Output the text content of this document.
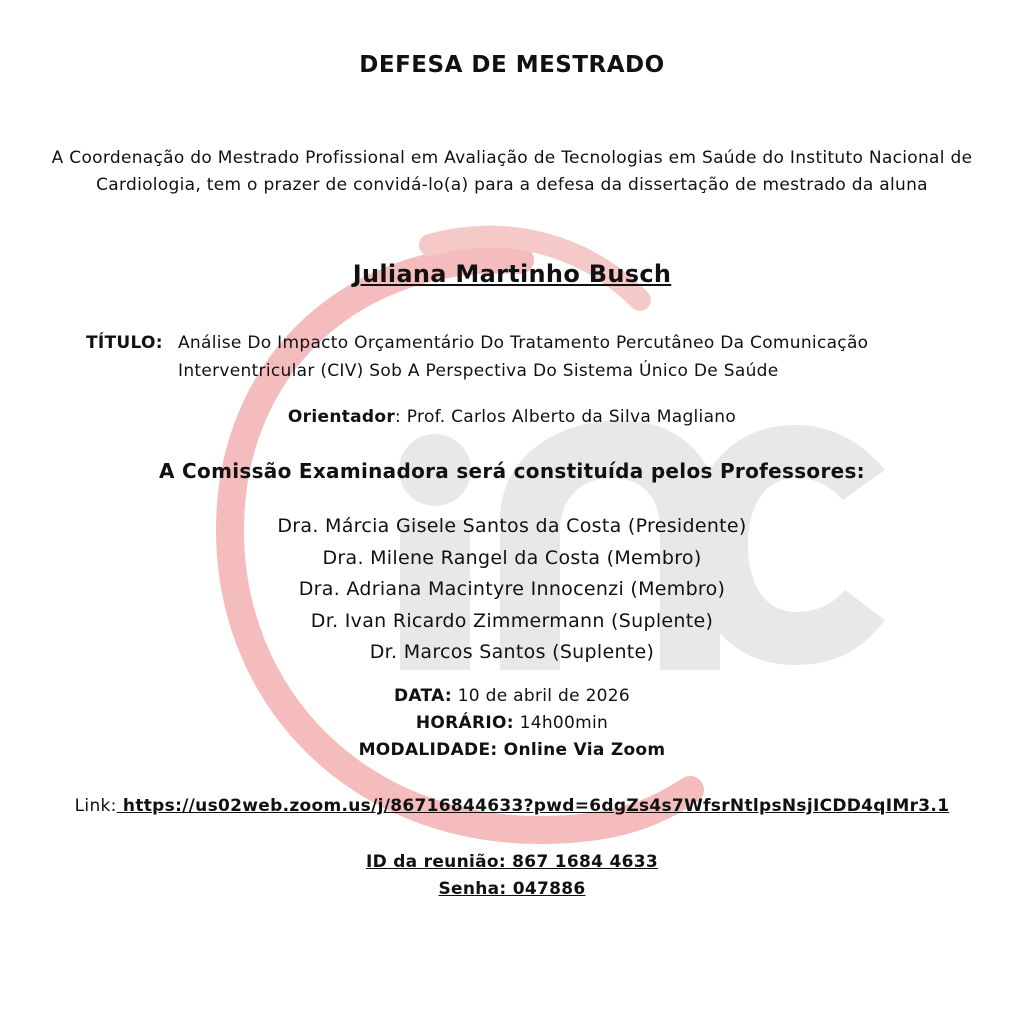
DEFESA DE MESTRADO
A Coordenação do Mestrado Profissional em Avaliação de Tecnologias em Saúde do Instituto Nacional de Cardiologia, tem o prazer de convidá-lo(a) para a defesa da dissertação de mestrado da aluna
Juliana Martinho Busch
TÍTULO: Análise Do Impacto Orçamentário Do Tratamento Percutâneo Da Comunicação Interventricular (CIV) Sob A Perspectiva Do Sistema Único De Saúde
Orientador: Prof. Carlos Alberto da Silva Magliano
A Comissão Examinadora será constituída pelos Professores:
Dra. Márcia Gisele Santos da Costa (Presidente)
Dra. Milene Rangel da Costa (Membro)
Dra. Adriana Macintyre Innocenzi (Membro)
Dr. Ivan Ricardo Zimmermann (Suplente)
Dr. Marcos Santos (Suplente)
DATA: 10 de abril de 2026
HORÁRIO: 14h00min
MODALIDADE: Online Via Zoom
Link: https://us02web.zoom.us/j/86716844633?pwd=6dgZs4s7WfsrNtlpsNsjICDD4qIMr3.1
ID da reunião: 867 1684 4633
Senha: 047886
